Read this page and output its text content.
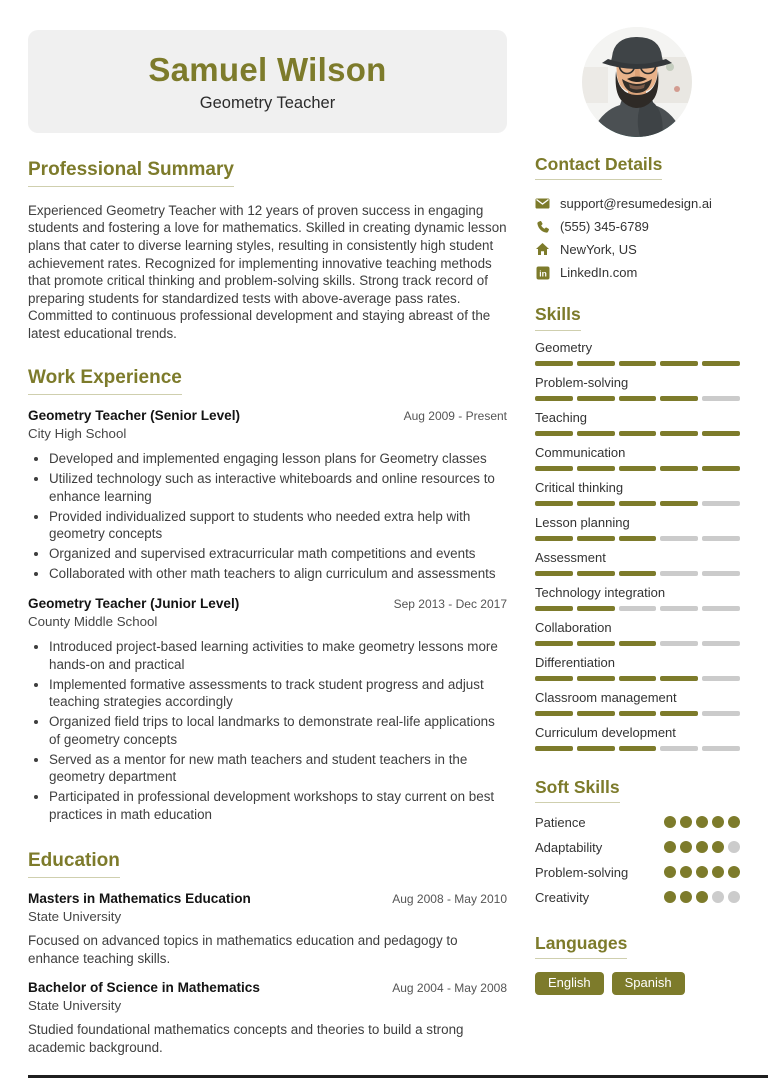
Samuel Wilson
Geometry Teacher
Professional Summary

Experienced Geometry Teacher with 12 years of proven success in engaging students and fostering a love for mathematics. Skilled in creating dynamic lesson plans that cater to diverse learning styles, resulting in consistently high student achievement rates. Recognized for implementing innovative teaching methods that promote critical thinking and problem-solving skills. Strong track record of preparing students for standardized tests with above-average pass rates. Committed to continuous professional development and staying abreast of the latest educational trends.

Work Experience
Geometry Teacher (Senior Level)	Aug 2009 - Present
City High School
• Developed and implemented engaging lesson plans for Geometry classes
• Utilized technology such as interactive whiteboards and online resources to enhance learning
• Provided individualized support to students who needed extra help with geometry concepts
• Organized and supervised extracurricular math competitions and events
• Collaborated with other math teachers to align curriculum and assessments
Geometry Teacher (Junior Level)	Sep 2013 - Dec 2017
County Middle School
• Introduced project-based learning activities to make geometry lessons more hands-on and practical
• Implemented formative assessments to track student progress and adjust teaching strategies accordingly
• Organized field trips to local landmarks to demonstrate real-life applications of geometry concepts
• Served as a mentor for new math teachers and student teachers in the geometry department
• Participated in professional development workshops to stay current on best practices in math education
Education
Masters in Mathematics Education	Aug 2008 - May 2010
State University

Focused on advanced topics in mathematics education and pedagogy to enhance teaching skills.

Bachelor of Science in Mathematics	Aug 2004 - May 2008
State University

Studied foundational mathematics concepts and theories to build a strong academic background.

Contact Details
support@resumedesign.ai
(555) 345-6789
NewYork, US
in LinkedIn.com
Skills
Geometry
Problem-solving
Teaching
Communication
Critical thinking
Lesson planning
Assessment
Technology integration
Collaboration
Differentiation
Classroom management
Curriculum development
Soft Skills
Patience
Adaptability
Problem-solving
Creativity
Languages
English	Spanish
